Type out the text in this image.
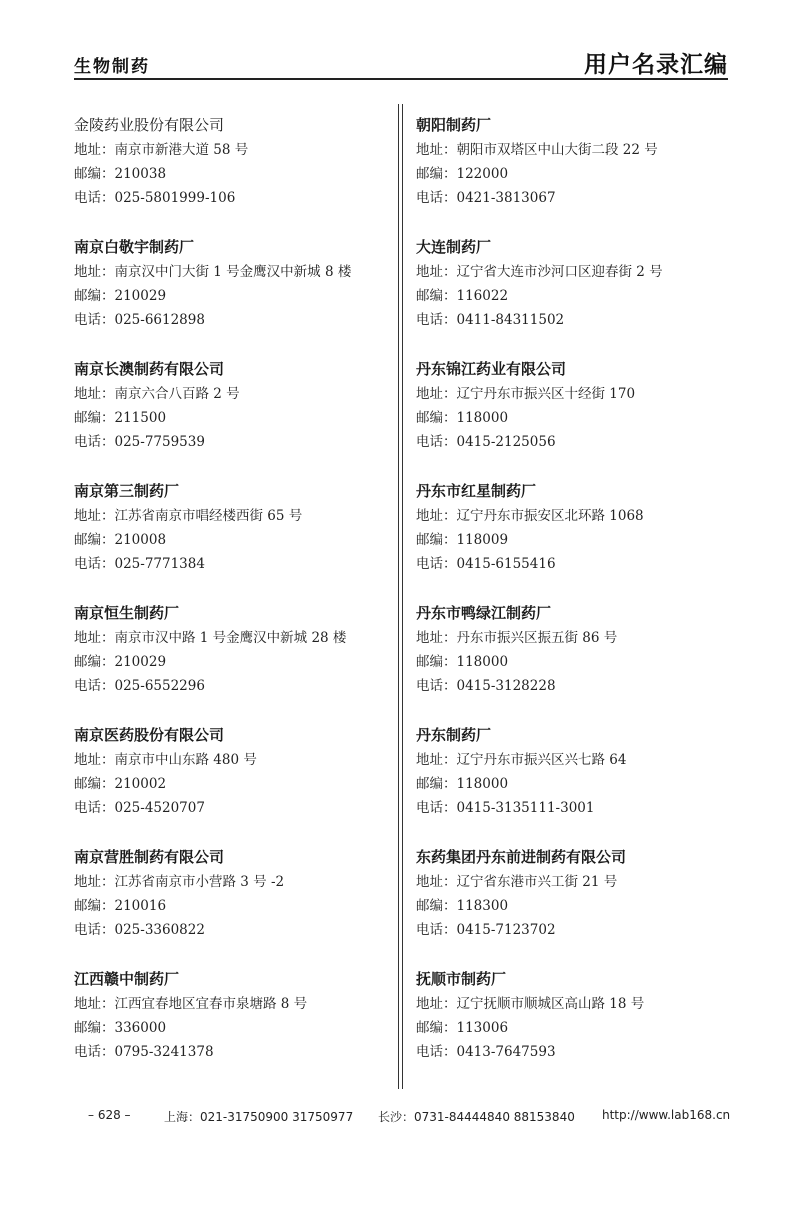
生物制药	用户名录汇编
金陵药业股份有限公司
地址：南京市新港大道 58 号
邮编：210038
电话：025-5801999-106
南京白敬宇制药厂
地址：南京汉中门大街 1 号金鹰汉中新城 8 楼
邮编：210029
电话：025-6612898
南京长澳制药有限公司
地址：南京六合八百路 2 号
邮编：211500
电话：025-7759539
南京第三制药厂
地址：江苏省南京市唱经楼西街 65 号
邮编：210008
电话：025-7771384
南京恒生制药厂
地址：南京市汉中路 1 号金鹰汉中新城 28 楼
邮编：210029
电话：025-6552296
南京医药股份有限公司
地址：南京市中山东路 480 号
邮编：210002
电话：025-4520707
南京营胜制药有限公司
地址：江苏省南京市小营路 3 号 -2
邮编：210016
电话：025-3360822
江西赣中制药厂
地址：江西宜春地区宜春市泉塘路 8 号
邮编：336000
电话：0795-3241378
朝阳制药厂
地址：朝阳市双塔区中山大街二段 22 号
邮编：122000
电话：0421-3813067
大连制药厂
地址：辽宁省大连市沙河口区迎春街 2 号
邮编：116022
电话：0411-84311502
丹东锦江药业有限公司
地址：辽宁丹东市振兴区十经街 170
邮编：118000
电话：0415-2125056
丹东市红星制药厂
地址：辽宁丹东市振安区北环路 1068
邮编：118009
电话：0415-6155416
丹东市鸭绿江制药厂
地址：丹东市振兴区振五街 86 号
邮编：118000
电话：0415-3128228
丹东制药厂
地址：辽宁丹东市振兴区兴七路 64
邮编：118000
电话：0415-3135111-3001
东药集团丹东前进制药有限公司
地址：辽宁省东港市兴工街 21 号
邮编：118300
电话：0415-7123702
抚顺市制药厂
地址：辽宁抚顺市顺城区高山路 18 号
邮编：113006
电话：0413-7647593
– 628 –	上海：021-31750900 31750977 长沙：0731-84444840 88153840 http://www.lab168.cn
